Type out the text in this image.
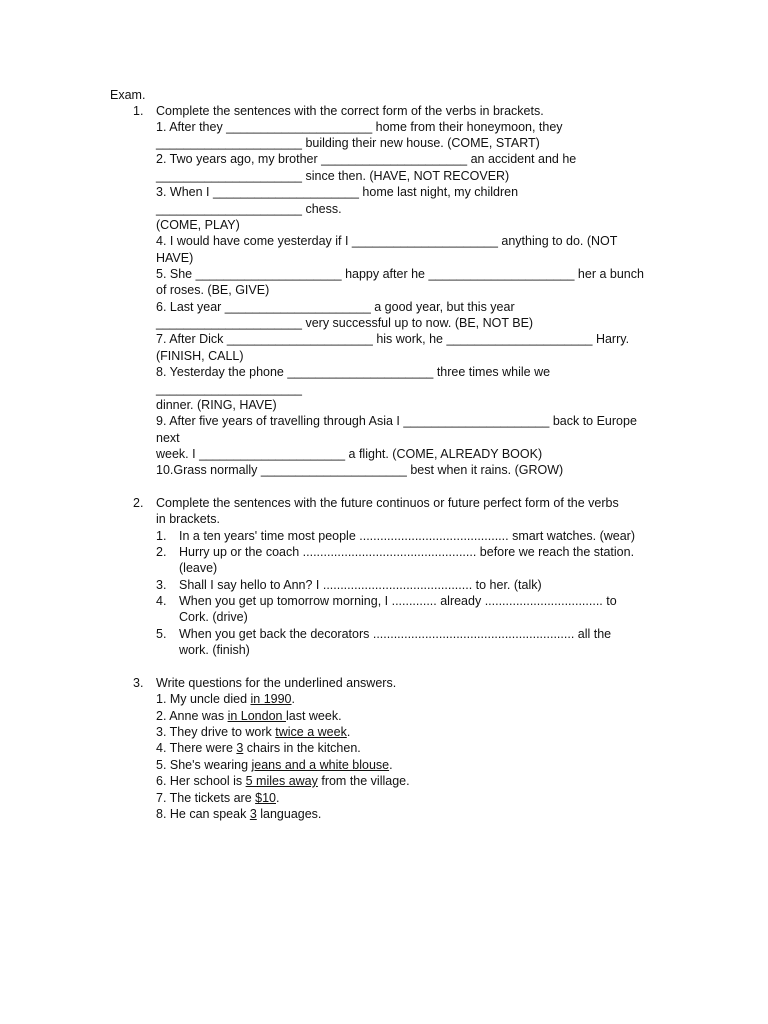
Exam.
1. Complete the sentences with the correct form of the verbs in brackets.
1. After they _____________________ home from their honeymoon, they
_____________________ building their new house. (COME, START)
2. Two years ago, my brother _____________________ an accident and he
_____________________ since then. (HAVE, NOT RECOVER)
3. When I _____________________ home last night, my children
_____________________ chess.
(COME, PLAY)
4. I would have come yesterday if I _____________________ anything to do. (NOT
HAVE)
5. She _____________________ happy after he _____________________ her a bunch
of roses. (BE, GIVE)
6. Last year _____________________ a good year, but this year
_____________________ very successful up to now. (BE, NOT BE)
7. After Dick _____________________ his work, he _____________________ Harry.
(FINISH, CALL)
8. Yesterday the phone _____________________ three times while we
_____________________
dinner. (RING, HAVE)
9. After five years of travelling through Asia I _____________________ back to Europe
next
week. I _____________________ a flight. (COME, ALREADY BOOK)
10.Grass normally _____________________ best when it rains. (GROW)
2. Complete the sentences with the future continuos or future perfect form of the verbs
in brackets.
1. In a ten years' time most people ........................................... smart watches. (wear)
2. Hurry up or the coach .................................................. before we reach the station.
(leave)
3. Shall I say hello to Ann? I ........................................... to her. (talk)
4. When you get up tomorrow morning, I ............. already .................................. to
Cork. (drive)
5. When you get back the decorators .......................................................... all the
work. (finish)
3. Write questions for the underlined answers.
1. My uncle died in 1990.
2. Anne was in London last week.
3. They drive to work twice a week.
4. There were 3 chairs in the kitchen.
5. She's wearing jeans and a white blouse.
6. Her school is 5 miles away from the village.
7. The tickets are $10.
8. He can speak 3 languages.
